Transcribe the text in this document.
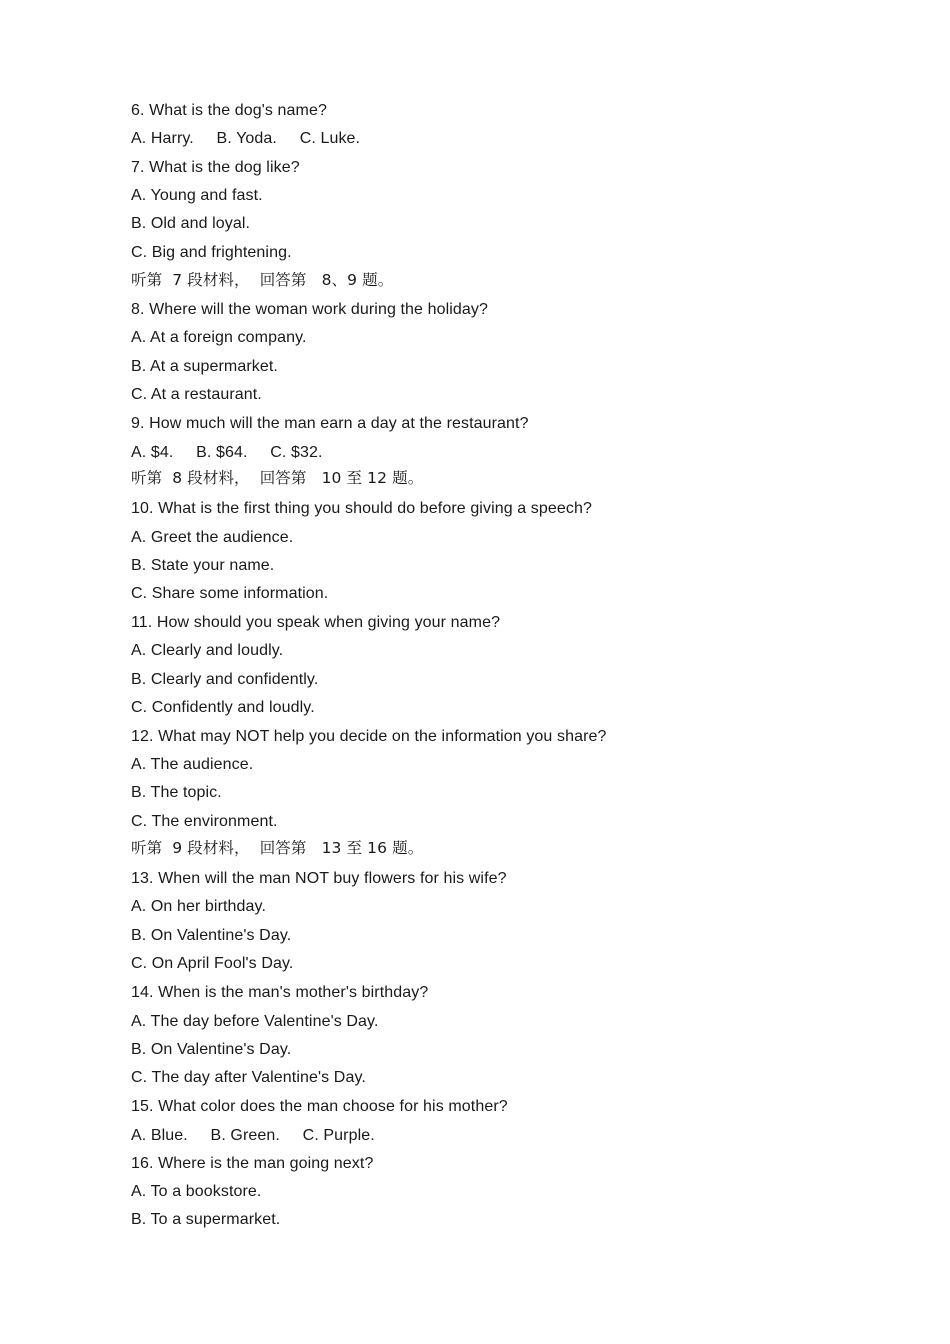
6. What is the dog's name?
A. Harry.     B. Yoda.     C. Luke.
7. What is the dog like?
A. Young and fast.
B. Old and loyal.
C. Big and frightening.
听第  7 段材料，  回答第   8、9 题。
8. Where will the woman work during the holiday?
A. At a foreign company.
B. At a supermarket.
C. At a restaurant.
9. How much will the man earn a day at the restaurant?
A. $4.     B. $64.     C. $32.
听第  8 段材料，  回答第   10 至 12 题。
10. What is the first thing you should do before giving a speech?
A. Greet the audience.
B. State your name.
C. Share some information.
11. How should you speak when giving your name?
A. Clearly and loudly.
B. Clearly and confidently.
C. Confidently and loudly.
12. What may NOT help you decide on the information you share?
A. The audience.
B. The topic.
C. The environment.
听第  9 段材料，  回答第   13 至 16 题。
13. When will the man NOT buy flowers for his wife?
A. On her birthday.
B. On Valentine's Day.
C. On April Fool's Day.
14. When is the man's mother's birthday?
A. The day before Valentine's Day.
B. On Valentine's Day.
C. The day after Valentine's Day.
15. What color does the man choose for his mother?
A. Blue.     B. Green.     C. Purple.
16. Where is the man going next?
A. To a bookstore.
B. To a supermarket.
